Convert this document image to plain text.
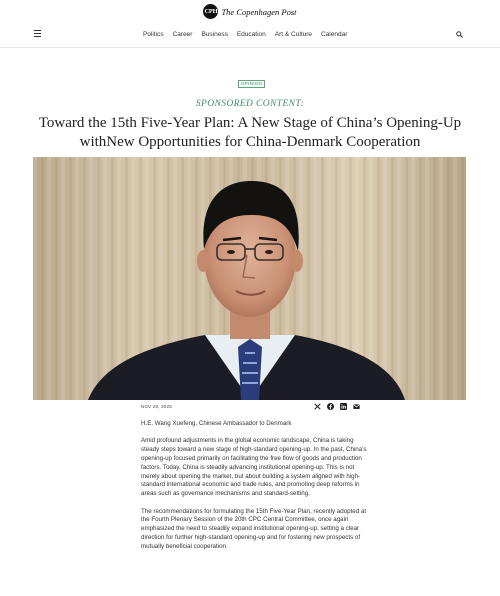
CPH The Copenhagen Post
Politics Career Business Education Art & Culture Calendar
OPINION
SPONSORED CONTENT:
Toward the 15th Five-Year Plan: A New Stage of China’s Opening-Up withNew Opportunities for China-Denmark Cooperation
NOV 28, 2025

H.E. Wang Xuefeng, Chinese Ambassador to Denmark

Amid profound adjustments in the global economic landscape, China is taking steady steps toward a new stage of high-standard opening-up. In the past, China’s opening-up focused primarily on facilitating the free flow of goods and production factors. Today, China is steadily advancing institutional opening-up. This is not merely about opening the market, but about building a system aligned with high-standard international economic and trade rules, and promoting deep reforms in areas such as governance mechanisms and standard-setting.

The recommendations for formulating the 15th Five-Year Plan, recently adopted at the Fourth Plenary Session of the 20th CPC Central Committee, once again emphasized the need to steadily expand institutional opening-up, setting a clear direction for further high-standard opening-up and for fostering new prospects of mutually beneficial cooperation.
